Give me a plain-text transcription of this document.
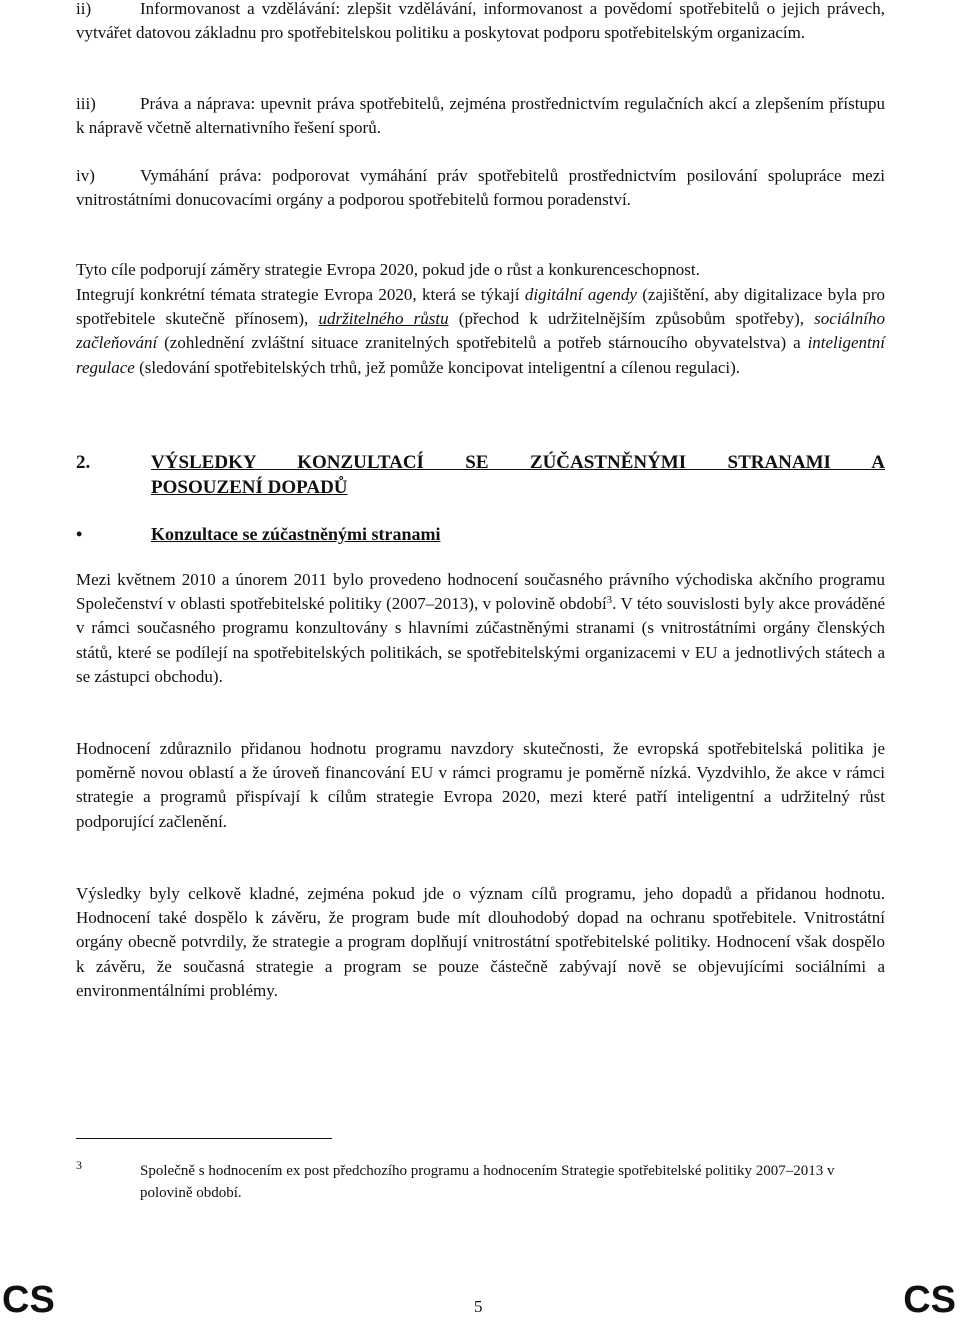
ii)	Informovanost a vzdělávání: zlepšit vzdělávání, informovanost a povědomí spotřebitelů o jejich právech, vytvářet datovou základnu pro spotřebitelskou politiku a poskytovat podporu spotřebitelským organizacím.

iii)	Práva a náprava: upevnit práva spotřebitelů, zejména prostřednictvím regulačních akcí a zlepšením přístupu k nápravě včetně alternativního řešení sporů.

iv)	Vymáhání práva: podporovat vymáhání práv spotřebitelů prostřednictvím posilování spolupráce mezi vnitrostátními donucovacími orgány a podporou spotřebitelů formou poradenství.

Tyto cíle podporují záměry strategie Evropa 2020, pokud jde o růst a konkurenceschopnost.

Integrují konkrétní témata strategie Evropa 2020, která se týkají digitální agendy (zajištění, aby digitalizace byla pro spotřebitele skutečně přínosem), udržitelného růstu (přechod k udržitelnějším způsobům spotřeby), sociálního začleňování (zohlednění zvláštní situace zranitelných spotřebitelů a potřeb stárnoucího obyvatelstva) a inteligentní regulace (sledování spotřebitelských trhů, jež pomůže koncipovat inteligentní a cílenou regulaci).

2.	VÝSLEDKY KONZULTACÍ SE ZÚČASTNĚNÝMI STRANAMI A
POSOUZENÍ DOPADŮ
•	Konzultace se zúčastněnými stranami

Mezi květnem 2010 a únorem 2011 bylo provedeno hodnocení současného právního východiska akčního programu Společenství v oblasti spotřebitelské politiky (2007–2013), v polovině období$^3$. V této souvislosti byly akce prováděné v rámci současného programu konzultovány s hlavními zúčastněnými stranami (s vnitrostátními orgány členských států, které se podílejí na spotřebitelských politikách, se spotřebitelskými organizacemi v EU a jednotlivých státech a se zástupci obchodu).

Hodnocení zdůraznilo přidanou hodnotu programu navzdory skutečnosti, že evropská spotřebitelská politika je poměrně novou oblastí a že úroveň financování EU v rámci programu je poměrně nízká. Vyzdvihlo, že akce v rámci strategie a programů přispívají k cílům strategie Evropa 2020, mezi které patří inteligentní a udržitelný růst podporující začlenění.

Výsledky byly celkově kladné, zejména pokud jde o význam cílů programu, jeho dopadů a přidanou hodnotu. Hodnocení také dospělo k závěru, že program bude mít dlouhodobý dopad na ochranu spotřebitele. Vnitrostátní orgány obecně potvrdily, že strategie a program doplňují vnitrostátní spotřebitelské politiky. Hodnocení však dospělo k závěru, že současná strategie a program se pouze částečně zabývají nově se objevujícími sociálními a environmentálními problémy.

3	Společně s hodnocením ex post předchozího programu a hodnocením Strategie spotřebitelské politiky 2007–2013 v polovině období.

CS	5	CS
